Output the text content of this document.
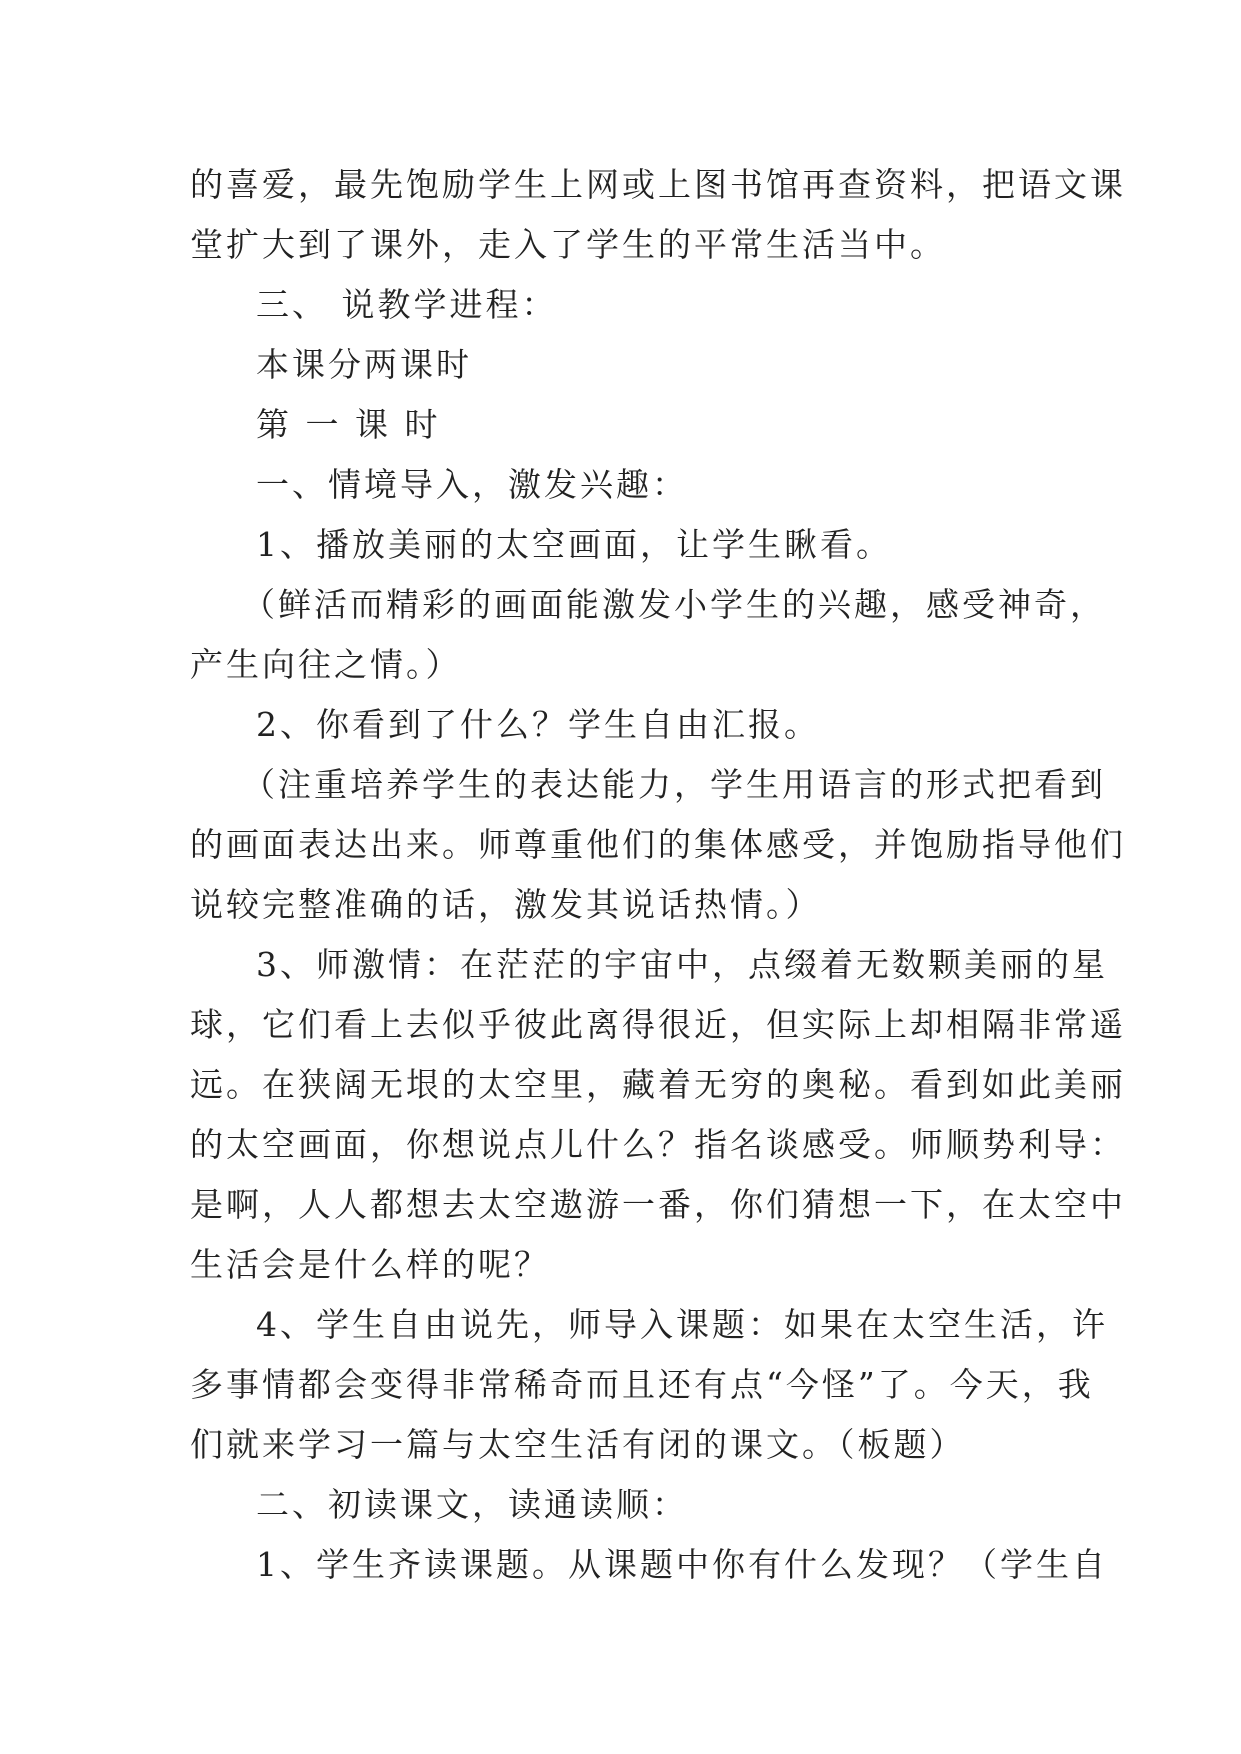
的喜爱，最先饱励学生上网或上图书馆再查资料，把语文课
堂扩大到了课外，走入了学生的平常生活当中。
三、 说教学进程：
本课分两课时
第 一 课 时
一、情境导入，激发兴趣：
1、播放美丽的太空画面，让学生瞅看。
（鲜活而精彩的画面能激发小学生的兴趣，感受神奇，
产生向往之情。）
2、你看到了什么？学生自由汇报。
（注重培养学生的表达能力，学生用语言的形式把看到
的画面表达出来。师尊重他们的集体感受，并饱励指导他们
说较完整准确的话，激发其说话热情。）
3、师激情：在茫茫的宇宙中，点缀着无数颗美丽的星
球，它们看上去似乎彼此离得很近，但实际上却相隔非常遥
远。在狭阔无垠的太空里，藏着无穷的奥秘。看到如此美丽
的太空画面，你想说点儿什么？指名谈感受。师顺势利导：
是啊，人人都想去太空遨游一番，你们猜想一下，在太空中
生活会是什么样的呢？
4、学生自由说先，师导入课题：如果在太空生活，许
多事情都会变得非常稀奇而且还有点“今怪”了。今天，我
们就来学习一篇与太空生活有闭的课文。（板题）
二、初读课文，读通读顺：
1、学生齐读课题。从课题中你有什么发现？（学生自
